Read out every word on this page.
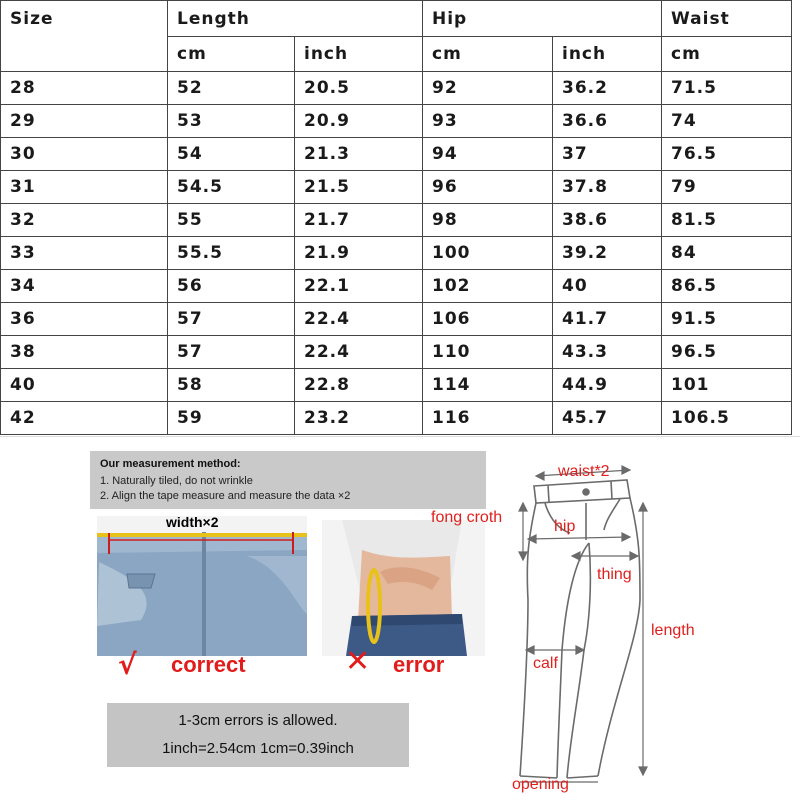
Size	Length		Hip		Waist
	cm	inch	cm	inch	cm
28	52	20.5	92	36.2	71.5
29	53	20.9	93	36.6	74
30	54	21.3	94	37	76.5
31	54.5	21.5	96	37.8	79
32	55	21.7	98	38.6	81.5
33	55.5	21.9	100	39.2	84
34	56	22.1	102	40	86.5
36	57	22.4	106	41.7	91.5
38	57	22.4	110	43.3	96.5
40	58	22.8	114	44.9	101
42	59	23.2	116	45.7	106.5
Our measurement method:
1. Naturally tiled, do not wrinkle
2. Align the tape measure and measure the data ×2
width×2
√ correct	✕ error
1-3cm errors is allowed.
1inch=2.54cm 1cm=0.39inch
waist*2
fong croth
hip
thing
length
calf
opening
